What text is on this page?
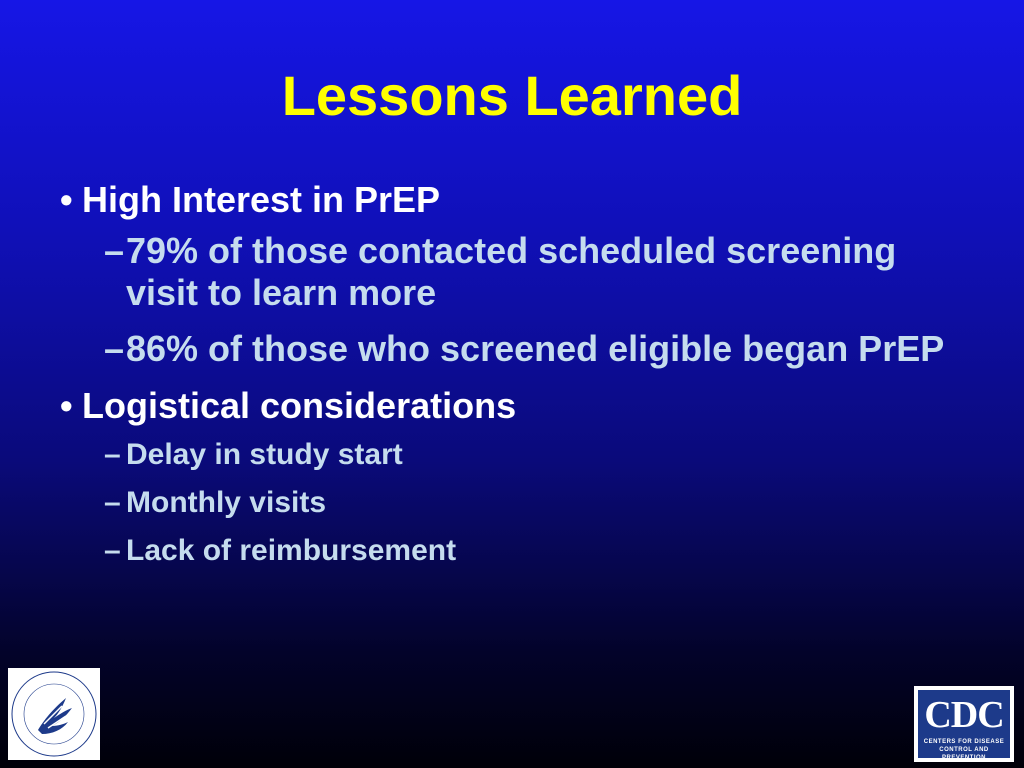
Lessons Learned
• High Interest in PrEP
– 79% of those contacted scheduled screening visit to learn more
– 86% of those who screened eligible began PrEP
• Logistical considerations
– Delay in study start
– Monthly visits
– Lack of reimbursement
CDC
CENTERS FOR DISEASE
CONTROL AND PREVENTION
